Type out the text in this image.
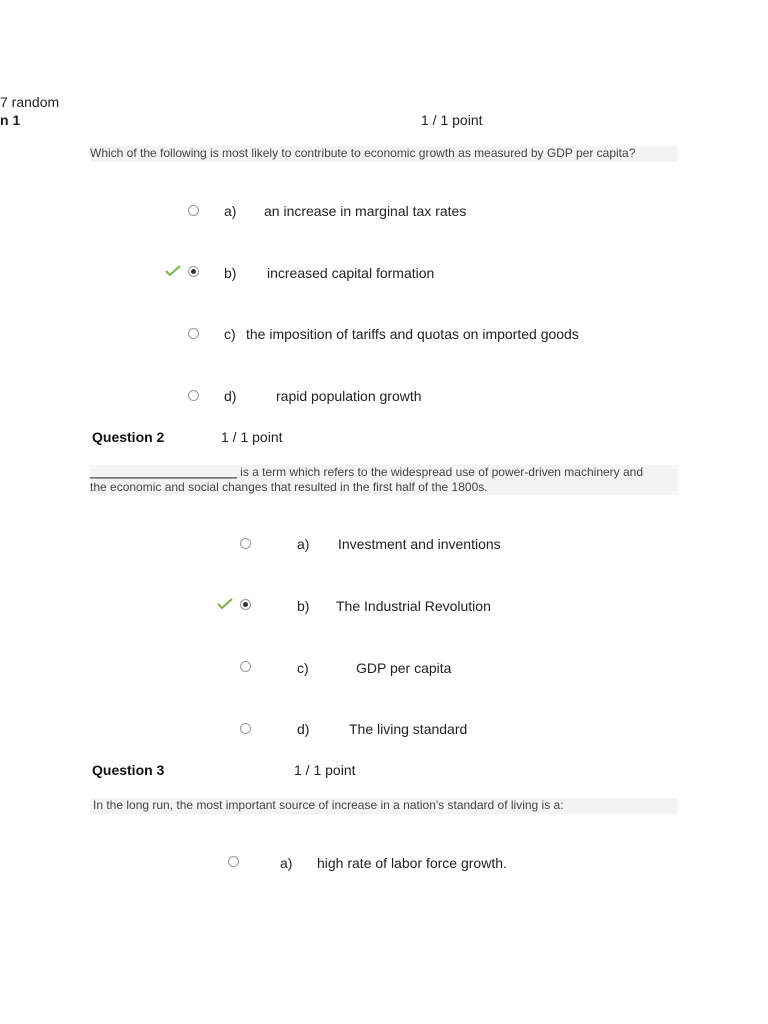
7 random
n 1	1 / 1 point
Which of the following is most likely to contribute to economic growth as measured by GDP per capita?
a) an increase in marginal tax rates
b) increased capital formation
c) the imposition of tariffs and quotas on imported goods
d)	rapid population growth
Question 2	1 / 1 point
______________________ is a term which refers to the widespread use of power-driven machinery and
the economic and social changes that resulted in the first half of the 1800s.
a) Investment and inventions
b) The Industrial Revolution
c)	GDP per capita
d)	The living standard
Question 3	1 / 1 point
In the long run, the most important source of increase in a nation's standard of living is a:
a) high rate of labor force growth.
